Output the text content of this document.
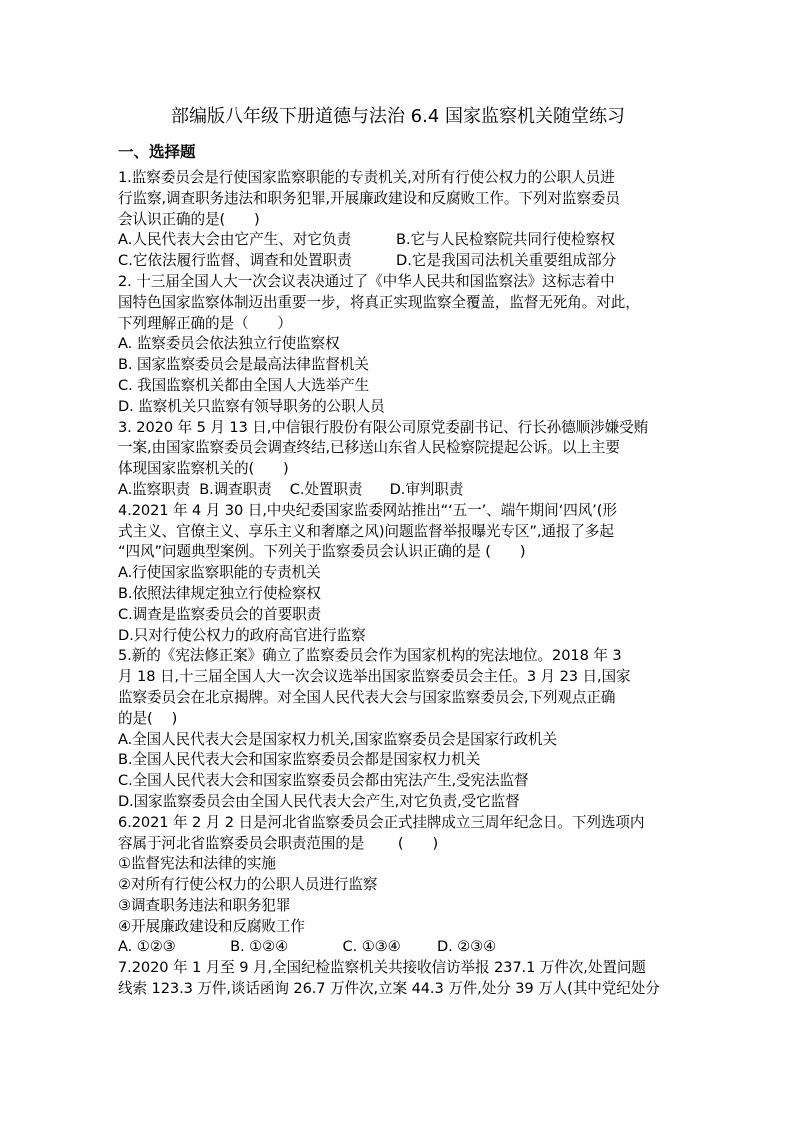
部编版八年级下册道德与法治 6.4 国家监察机关随堂练习
一、选择题
1.监察委员会是行使国家监察职能的专责机关,对所有行使公权力的公职人员进
行监察,调查职务违法和职务犯罪,开展廉政建设和反腐败工作。下列对监察委员
会认识正确的是(　　)
A.人民代表大会由它产生、对它负责	B.它与人民检察院共同行使检察权
C.它依法履行监督、调查和处置职责	D.它是我国司法机关重要组成部分
2. 十三届全国人大一次会议表决通过了《中华人民共和国监察法》这标志着中
国特色国家监察体制迈出重要一步，将真正实现监察全覆盖，监督无死角。对此，
下列理解正确的是（　　）
A. 监察委员会依法独立行使监察权
B. 国家监察委员会是最高法律监督机关
C. 我国监察机关都由全国人大选举产生
D. 监察机关只监察有领导职务的公职人员
3. 2020 年 5 月 13 日,中信银行股份有限公司原党委副书记、行长孙德顺涉嫌受贿
一案,由国家监察委员会调查终结,已移送山东省人民检察院提起公诉。以上主要
体现国家监察机关的(　　)
A.监察职责  B.调查职责    C.处置职责      D.审判职责
4.2021 年 4 月 30 日,中央纪委国家监委网站推出“‘五一’、端午期间‘四风’(形
式主义、官僚主义、享乐主义和奢靡之风)问题监督举报曝光专区”,通报了多起
“四风”问题典型案例。下列关于监察委员会认识正确的是 (　　)
A.行使国家监察职能的专责机关
B.依照法律规定独立行使检察权
C.调查是监察委员会的首要职责
D.只对行使公权力的政府高官进行监察
5.新的《宪法修正案》确立了监察委员会作为国家机构的宪法地位。2018 年 3
月 18 日,十三届全国人大一次会议选举出国家监察委员会主任。3 月 23 日,国家
监察委员会在北京揭牌。对全国人民代表大会与国家监察委员会,下列观点正确
的是(　 )
A.全国人民代表大会是国家权力机关,国家监察委员会是国家行政机关
B.全国人民代表大会和国家监察委员会都是国家权力机关
C.全国人民代表大会和国家监察委员会都由宪法产生,受宪法监督
D.国家监察委员会由全国人民代表大会产生,对它负责,受它监督
6.2021 年 2 月 2 日是河北省监察委员会正式挂牌成立三周年纪念日。下列选项内
容属于河北省监察委员会职责范围的是　　 (　　)
①监督宪法和法律的实施
②对所有行使公权力的公职人员进行监察
③调查职务违法和职务犯罪
④开展廉政建设和反腐败工作
A. ①②③            B. ①②④            C. ①③④        D. ②③④
7.2020 年 1 月至 9 月,全国纪检监察机关共接收信访举报 237.1 万件次,处置问题
线索 123.3 万件,谈话函询 26.7 万件次,立案 44.3 万件,处分 39 万人(其中党纪处分
